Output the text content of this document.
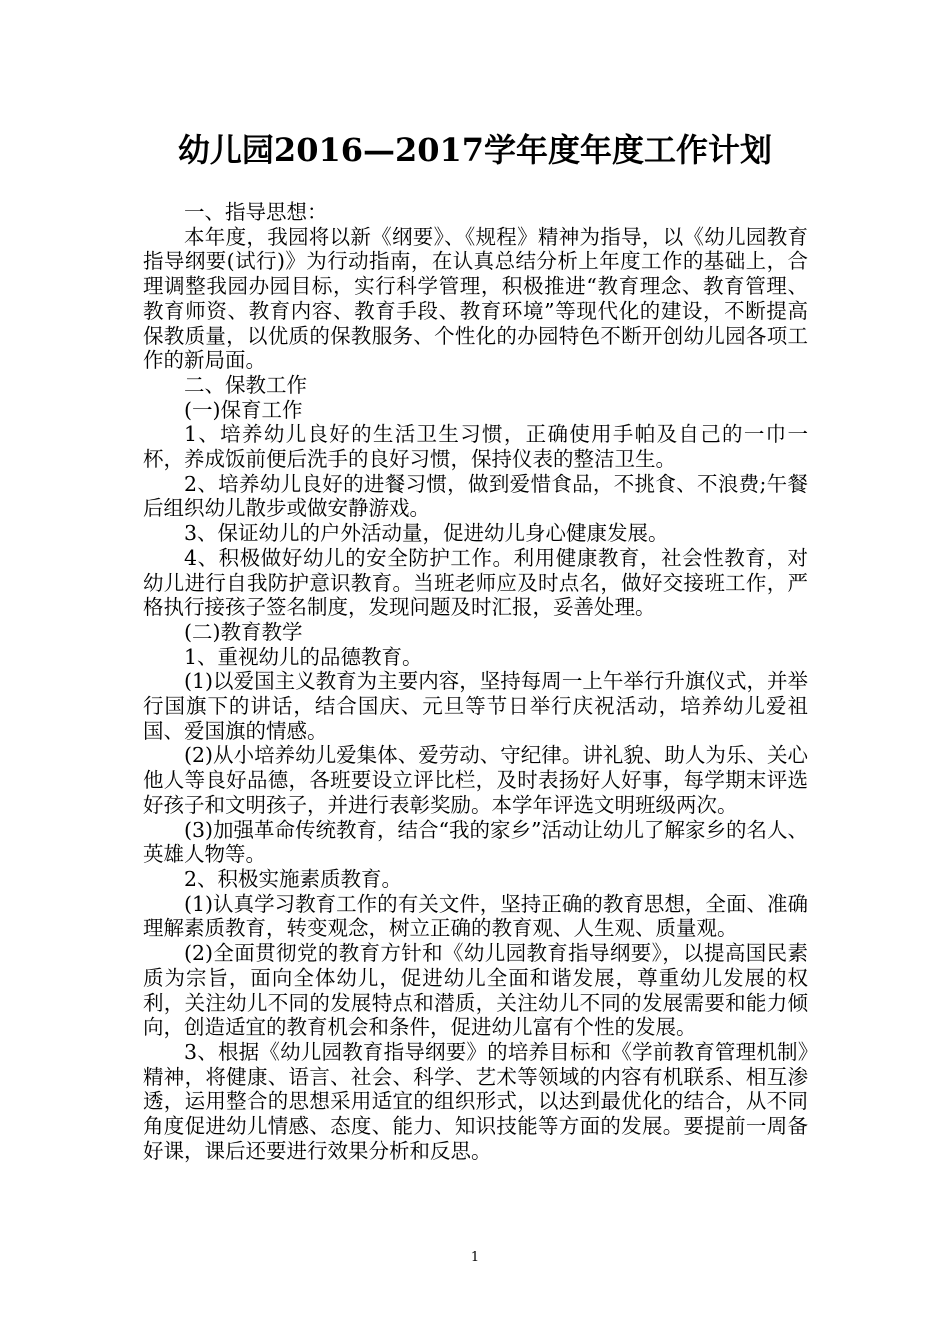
幼儿园2016—2017学年度年度工作计划

一、指导思想：

本年度，我园将以新《纲要》、《规程》精神为指导，以《幼儿园教育指导纲要(试行)》为行动指南，在认真总结分析上年度工作的基础上，合理调整我园办园目标，实行科学管理，积极推进“教育理念、教育管理、教育师资、教育内容、教育手段、教育环境”等现代化的建设，不断提高保教质量，以优质的保教服务、个性化的办园特色不断开创幼儿园各项工作的新局面。

二、保教工作

(一)保育工作

1、培养幼儿良好的生活卫生习惯，正确使用手帕及自己的一巾一杯，养成饭前便后洗手的良好习惯，保持仪表的整洁卫生。

2、培养幼儿良好的进餐习惯，做到爱惜食品，不挑食、不浪费;午餐后组织幼儿散步或做安静游戏。

3、保证幼儿的户外活动量，促进幼儿身心健康发展。

4、积极做好幼儿的安全防护工作。利用健康教育，社会性教育，对幼儿进行自我防护意识教育。当班老师应及时点名，做好交接班工作，严格执行接孩子签名制度，发现问题及时汇报，妥善处理。

(二)教育教学

1、重视幼儿的品德教育。

(1)以爱国主义教育为主要内容，坚持每周一上午举行升旗仪式，并举行国旗下的讲话，结合国庆、元旦等节日举行庆祝活动，培养幼儿爱祖国、爱国旗的情感。

(2)从小培养幼儿爱集体、爱劳动、守纪律。讲礼貌、助人为乐、关心他人等良好品德，各班要设立评比栏，及时表扬好人好事，每学期末评选好孩子和文明孩子，并进行表彰奖励。本学年评选文明班级两次。

(3)加强革命传统教育，结合“我的家乡”活动让幼儿了解家乡的名人、英雄人物等。

2、积极实施素质教育。

(1)认真学习教育工作的有关文件，坚持正确的教育思想，全面、准确理解素质教育，转变观念，树立正确的教育观、人生观、质量观。

(2)全面贯彻党的教育方针和《幼儿园教育指导纲要》，以提高国民素质为宗旨，面向全体幼儿，促进幼儿全面和谐发展，尊重幼儿发展的权利，关注幼儿不同的发展特点和潜质，关注幼儿不同的发展需要和能力倾向，创造适宜的教育机会和条件，促进幼儿富有个性的发展。

3、根据《幼儿园教育指导纲要》的培养目标和《学前教育管理机制》精神，将健康、语言、社会、科学、艺术等领域的内容有机联系、相互渗透，运用整合的思想采用适宜的组织形式，以达到最优化的结合，从不同角度促进幼儿情感、态度、能力、知识技能等方面的发展。要提前一周备好课，课后还要进行效果分析和反思。

1
